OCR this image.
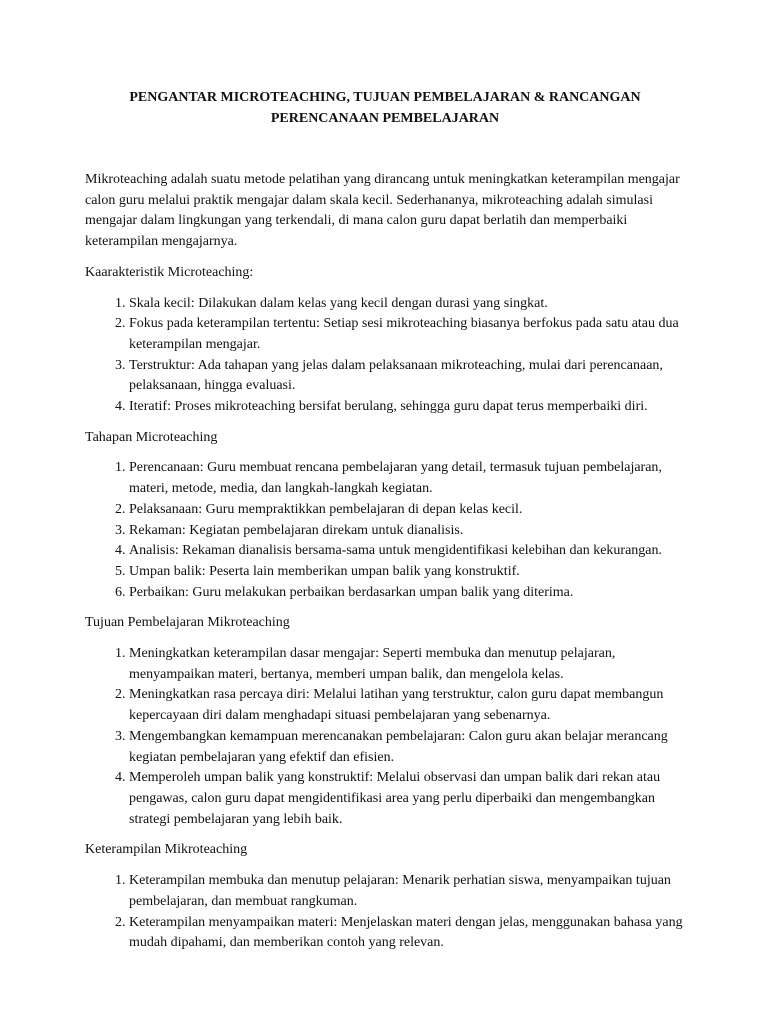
PENGANTAR MICROTEACHING, TUJUAN PEMBELAJARAN & RANCANGAN
PERENCANAAN PEMBELAJARAN

Mikroteaching adalah suatu metode pelatihan yang dirancang untuk meningkatkan keterampilan mengajar calon guru melalui praktik mengajar dalam skala kecil. Sederhananya, mikroteaching adalah simulasi mengajar dalam lingkungan yang terkendali, di mana calon guru dapat berlatih dan memperbaiki keterampilan mengajarnya.

Kaarakteristik Microteaching:

1. Skala kecil: Dilakukan dalam kelas yang kecil dengan durasi yang singkat.
2. Fokus pada keterampilan tertentu: Setiap sesi mikroteaching biasanya berfokus pada satu atau dua keterampilan mengajar.
3. Terstruktur: Ada tahapan yang jelas dalam pelaksanaan mikroteaching, mulai dari perencanaan, pelaksanaan, hingga evaluasi.
4. Iteratif: Proses mikroteaching bersifat berulang, sehingga guru dapat terus memperbaiki diri.

Tahapan Microteaching

1. Perencanaan: Guru membuat rencana pembelajaran yang detail, termasuk tujuan pembelajaran, materi, metode, media, dan langkah-langkah kegiatan.
2. Pelaksanaan: Guru mempraktikkan pembelajaran di depan kelas kecil.
3. Rekaman: Kegiatan pembelajaran direkam untuk dianalisis.
4. Analisis: Rekaman dianalisis bersama-sama untuk mengidentifikasi kelebihan dan kekurangan.
5. Umpan balik: Peserta lain memberikan umpan balik yang konstruktif.
6. Perbaikan: Guru melakukan perbaikan berdasarkan umpan balik yang diterima.

Tujuan Pembelajaran Mikroteaching

1. Meningkatkan keterampilan dasar mengajar: Seperti membuka dan menutup pelajaran, menyampaikan materi, bertanya, memberi umpan balik, dan mengelola kelas.
2. Meningkatkan rasa percaya diri: Melalui latihan yang terstruktur, calon guru dapat membangun kepercayaan diri dalam menghadapi situasi pembelajaran yang sebenarnya.
3. Mengembangkan kemampuan merencanakan pembelajaran: Calon guru akan belajar merancang kegiatan pembelajaran yang efektif dan efisien.
4. Memperoleh umpan balik yang konstruktif: Melalui observasi dan umpan balik dari rekan atau pengawas, calon guru dapat mengidentifikasi area yang perlu diperbaiki dan mengembangkan strategi pembelajaran yang lebih baik.

Keterampilan Mikroteaching

1. Keterampilan membuka dan menutup pelajaran: Menarik perhatian siswa, menyampaikan tujuan pembelajaran, dan membuat rangkuman.
2. Keterampilan menyampaikan materi: Menjelaskan materi dengan jelas, menggunakan bahasa yang mudah dipahami, dan memberikan contoh yang relevan.
